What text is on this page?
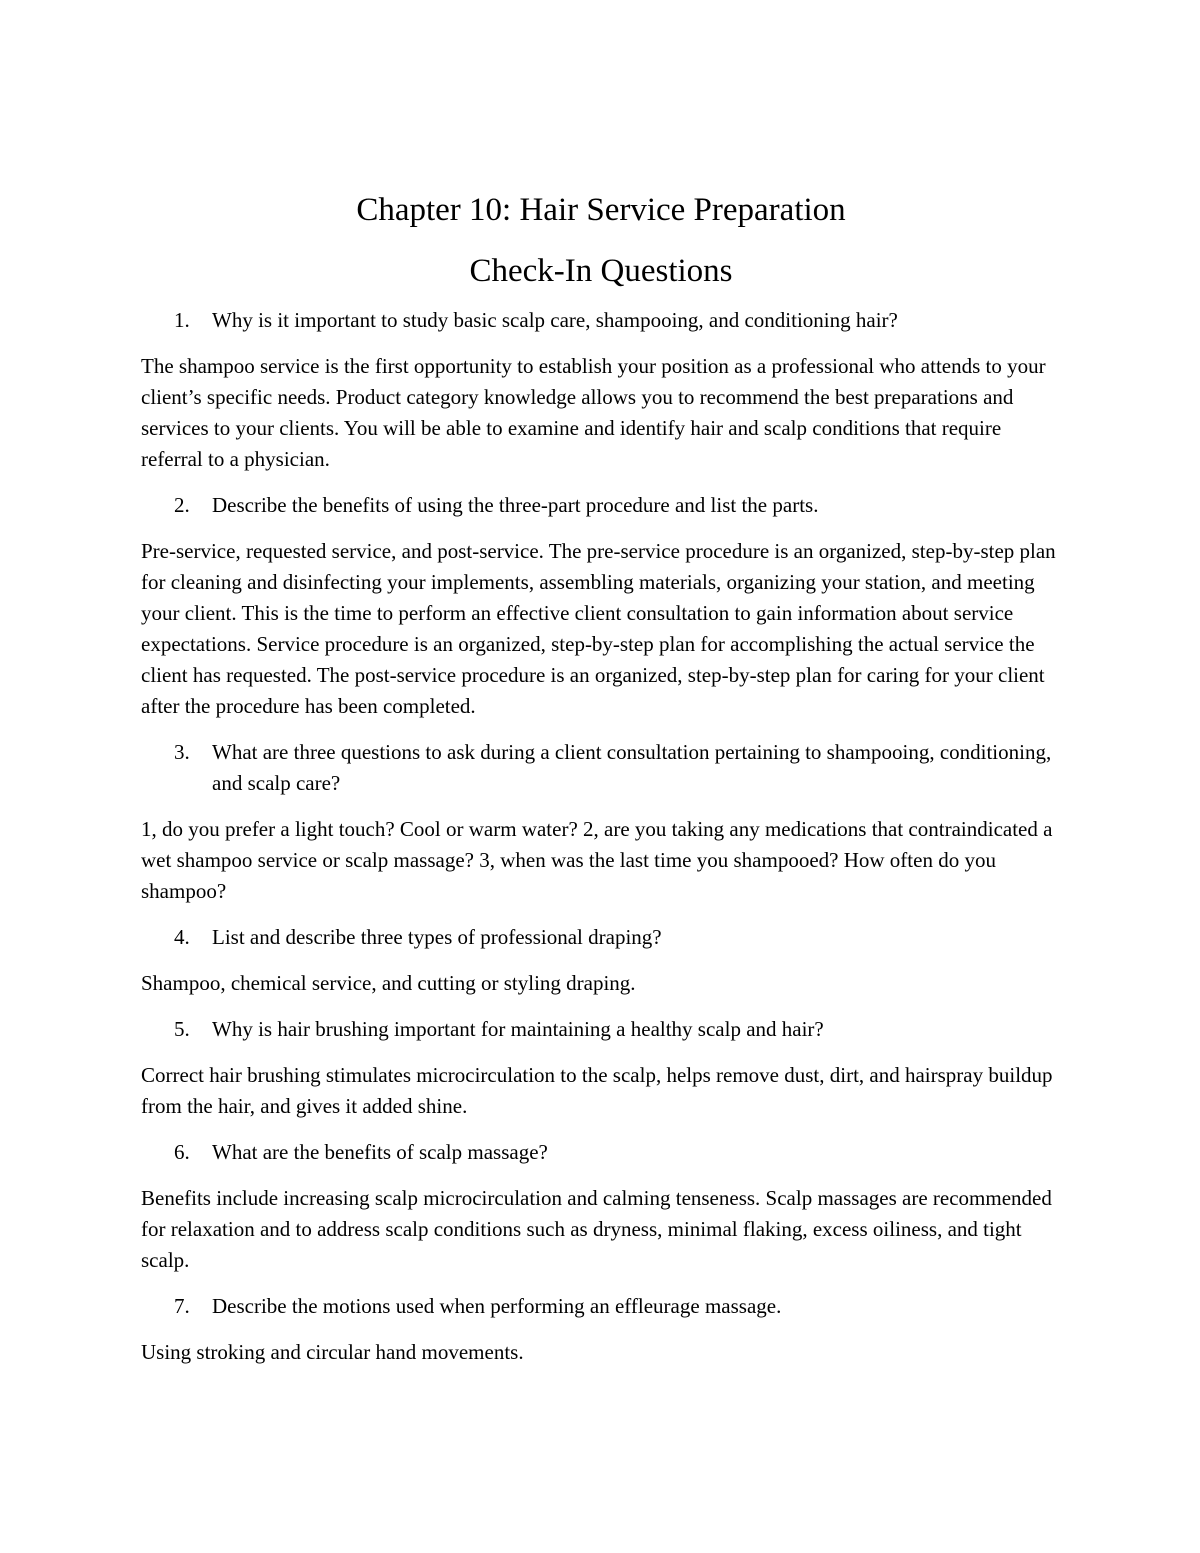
Chapter 10: Hair Service Preparation
Check-In Questions
1.	Why is it important to study basic scalp care, shampooing, and conditioning hair?

The shampoo service is the first opportunity to establish your position as a professional who attends to your client’s specific needs. Product category knowledge allows you to recommend the best preparations and services to your clients. You will be able to examine and identify hair and scalp conditions that require referral to a physician.

2.	Describe the benefits of using the three-part procedure and list the parts.

Pre-service, requested service, and post-service. The pre-service procedure is an organized, step-by-step plan for cleaning and disinfecting your implements, assembling materials, organizing your station, and meeting your client. This is the time to perform an effective client consultation to gain information about service expectations. Service procedure is an organized, step-by-step plan for accomplishing the actual service the client has requested. The post-service procedure is an organized, step-by-step plan for caring for your client after the procedure has been completed.

3.	What are three questions to ask during a client consultation pertaining to shampooing, conditioning, and scalp care?

1, do you prefer a light touch? Cool or warm water? 2, are you taking any medications that contraindicated a wet shampoo service or scalp massage? 3, when was the last time you shampooed? How often do you shampoo?

4.	List and describe three types of professional draping?

Shampoo, chemical service, and cutting or styling draping.

5.	Why is hair brushing important for maintaining a healthy scalp and hair?

Correct hair brushing stimulates microcirculation to the scalp, helps remove dust, dirt, and hairspray buildup from the hair, and gives it added shine.

6.	What are the benefits of scalp massage?

Benefits include increasing scalp microcirculation and calming tenseness. Scalp massages are recommended for relaxation and to address scalp conditions such as dryness, minimal flaking, excess oiliness, and tight scalp.

7.	Describe the motions used when performing an effleurage massage.

Using stroking and circular hand movements.
